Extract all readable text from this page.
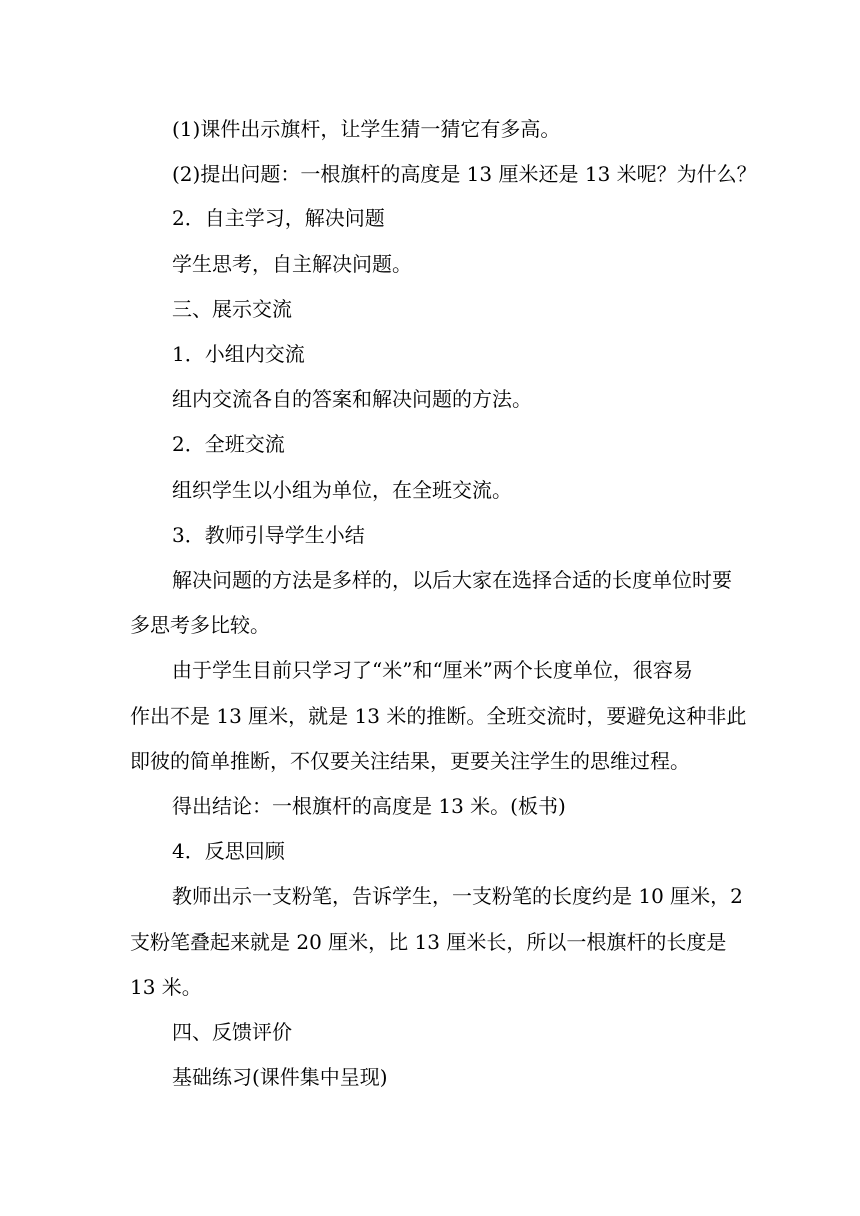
(1)课件出示旗杆，让学生猜一猜它有多高。
(2)提出问题：一根旗杆的高度是 13 厘米还是 13 米呢？为什么？
2．自主学习，解决问题
学生思考，自主解决问题。
三、展示交流
1．小组内交流
组内交流各自的答案和解决问题的方法。
2．全班交流
组织学生以小组为单位，在全班交流。
3．教师引导学生小结
解决问题的方法是多样的，以后大家在选择合适的长度单位时要
多思考多比较。
由于学生目前只学习了“米”和“厘米”两个长度单位，很容易
作出不是 13 厘米，就是 13 米的推断。全班交流时，要避免这种非此
即彼的简单推断，不仅要关注结果，更要关注学生的思维过程。
得出结论：一根旗杆的高度是 13 米。(板书)
4．反思回顾
教师出示一支粉笔，告诉学生，一支粉笔的长度约是 10 厘米，2
支粉笔叠起来就是 20 厘米，比 13 厘米长，所以一根旗杆的长度是
13 米。
四、反馈评价
基础练习(课件集中呈现)
